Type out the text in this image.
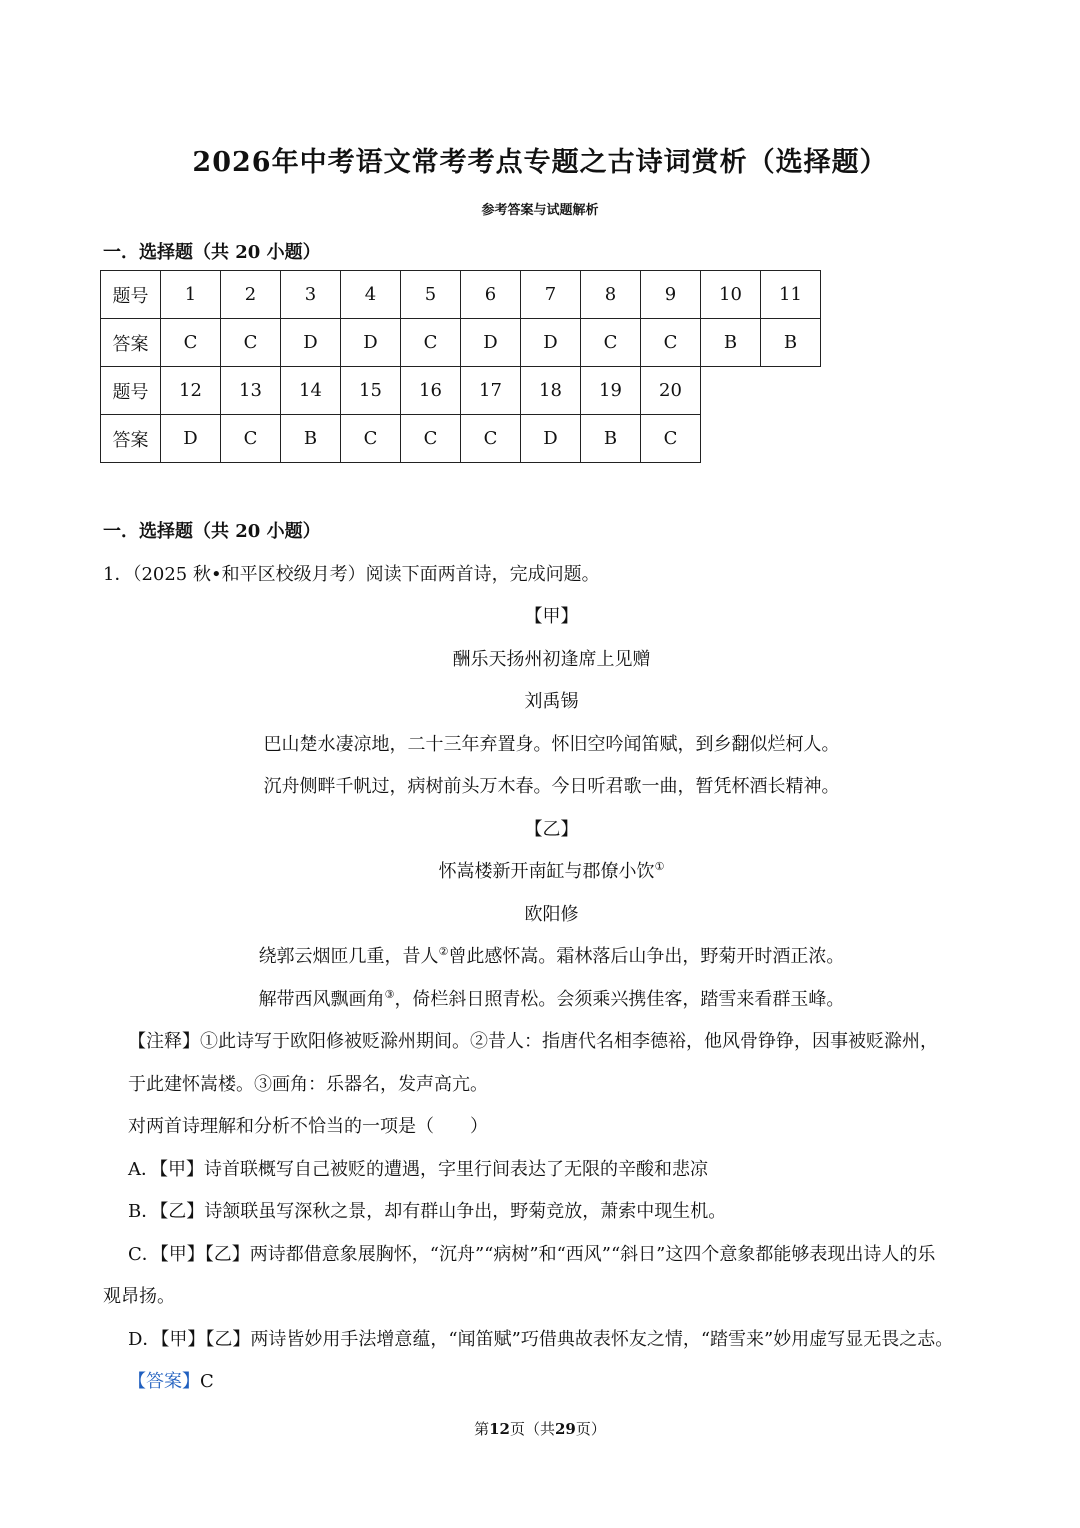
2026年中考语文常考考点专题之古诗词赏析（选择题）
参考答案与试题解析
一．选择题（共 20 小题）
题号	1	2	3	4	5	6	7	8	9	10	11
答案	C	C	D	D	C	D	D	C	C	B	B
题号	12	13	14	15	16	17	18	19	20		
答案	D	C	B	C	C	C	D	B	C		
一．选择题（共 20 小题）
1．（2025 秋•和平区校级月考）阅读下面两首诗，完成问题。
【甲】
酬乐天扬州初逢席上见赠
刘禹锡
巴山楚水凄凉地，二十三年弃置身。怀旧空吟闻笛赋，到乡翻似烂柯人。
沉舟侧畔千帆过，病树前头万木春。今日听君歌一曲，暂凭杯酒长精神。
【乙】
怀嵩楼新开南缸与郡僚小饮①
欧阳修
绕郭云烟匝几重，昔人②曾此感怀嵩。霜林落后山争出，野菊开时酒正浓。
解带西风飘画角③，倚栏斜日照青松。会须乘兴携佳客，踏雪来看群玉峰。
【注释】①此诗写于欧阳修被贬滁州期间。②昔人：指唐代名相李德裕，他风骨铮铮，因事被贬滁州，
于此建怀嵩楼。③画角：乐器名，发声高亢。
对两首诗理解和分析不恰当的一项是（　　）
A．【甲】诗首联概写自己被贬的遭遇，字里行间表达了无限的辛酸和悲凉
B．【乙】诗颔联虽写深秋之景，却有群山争出，野菊竞放，萧索中现生机。
C．【甲】【乙】两诗都借意象展胸怀，“沉舟”“病树”和“西风”“斜日”这四个意象都能够表现出诗人的乐
观昂扬。
D．【甲】【乙】两诗皆妙用手法增意蕴，“闻笛赋”巧借典故表怀友之情，“踏雪来”妙用虚写显无畏之志。
【答案】C
第12页（共29页）
